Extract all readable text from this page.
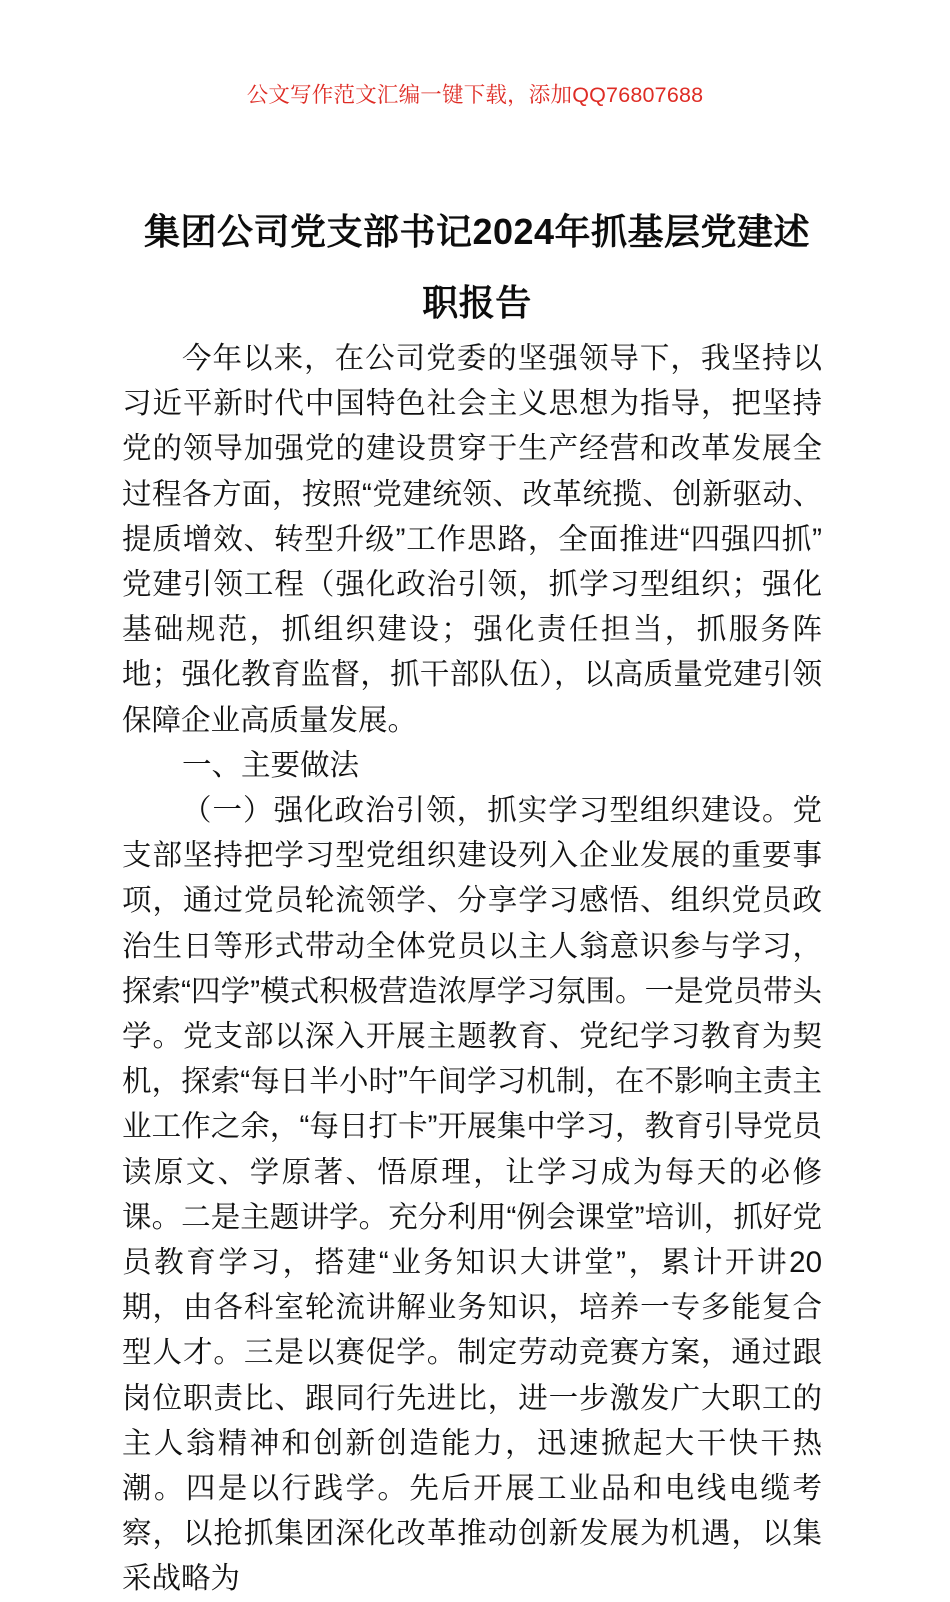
公文写作范文汇编一键下载，添加QQ76807688
集团公司党支部书记2024年抓基层党建述职报告

今年以来，在公司党委的坚强领导下，我坚持以习近平新时代中国特色社会主义思想为指导，把坚持党的领导加强党的建设贯穿于生产经营和改革发展全过程各方面，按照“党建统领、改革统揽、创新驱动、提质增效、转型升级”工作思路，全面推进“四强四抓”党建引领工程（强化政治引领，抓学习型组织；强化基础规范，抓组织建设；强化责任担当，抓服务阵地；强化教育监督，抓干部队伍），以高质量党建引领保障企业高质量发展。

一、主要做法

（一）强化政治引领，抓实学习型组织建设。党支部坚持把学习型党组织建设列入企业发展的重要事项，通过党员轮流领学、分享学习感悟、组织党员政治生日等形式带动全体党员以主人翁意识参与学习，探索“四学”模式积极营造浓厚学习氛围。一是党员带头学。党支部以深入开展主题教育、党纪学习教育为契机，探索“每日半小时”午间学习机制，在不影响主责主业工作之余，“每日打卡”开展集中学习，教育引导党员读原文、学原著、悟原理，让学习成为每天的必修课。二是主题讲学。充分利用“例会课堂”培训，抓好党员教育学习，搭建“业务知识大讲堂”，累计开讲20期，由各科室轮流讲解业务知识，培养一专多能复合型人才。三是以赛促学。制定劳动竞赛方案，通过跟岗位职责比、跟同行先进比，进一步激发广大职工的主人翁精神和创新创造能力，迅速掀起大干快干热潮。四是以行践学。先后开展工业品和电线电缆考察，以抢抓集团深化改革推动创新发展为机遇，以集采战略为
